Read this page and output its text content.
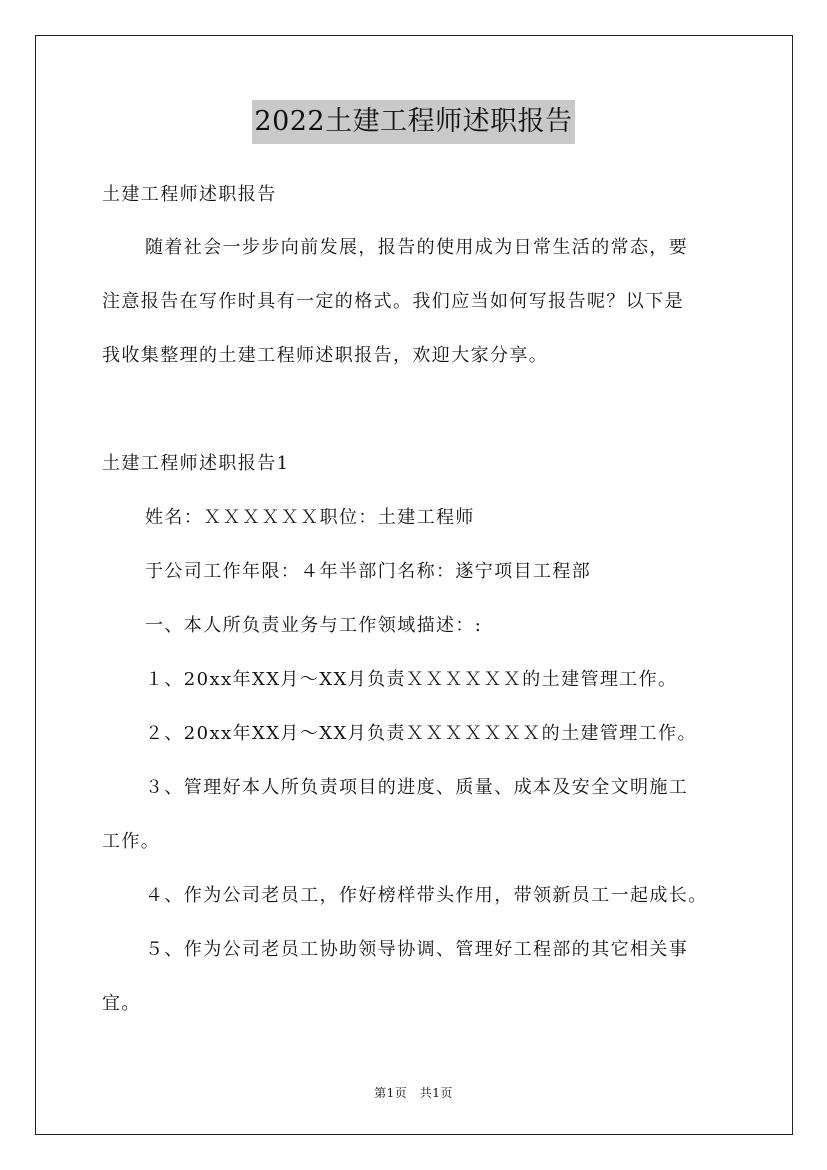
2022土建工程师述职报告
土建工程师述职报告
随着社会一步步向前发展，报告的使用成为日常生活的常态，要
注意报告在写作时具有一定的格式。我们应当如何写报告呢？以下是
我收集整理的土建工程师述职报告，欢迎大家分享。
土建工程师述职报告1
姓名：ＸＸＸＸＸＸ职位：土建工程师
于公司工作年限：４年半部门名称：遂宁项目工程部
一、本人所负责业务与工作领域描述：:
１、20xx年XX月～XX月负责ＸＸＸＸＸＸ的土建管理工作。
２、20xx年XX月～XX月负责ＸＸＸＸＸＸＸ的土建管理工作。
３、管理好本人所负责项目的进度、质量、成本及安全文明施工
工作。
４、作为公司老员工，作好榜样带头作用，带领新员工一起成长。
５、作为公司老员工协助领导协调、管理好工程部的其它相关事
宜。
第1页　共1页
